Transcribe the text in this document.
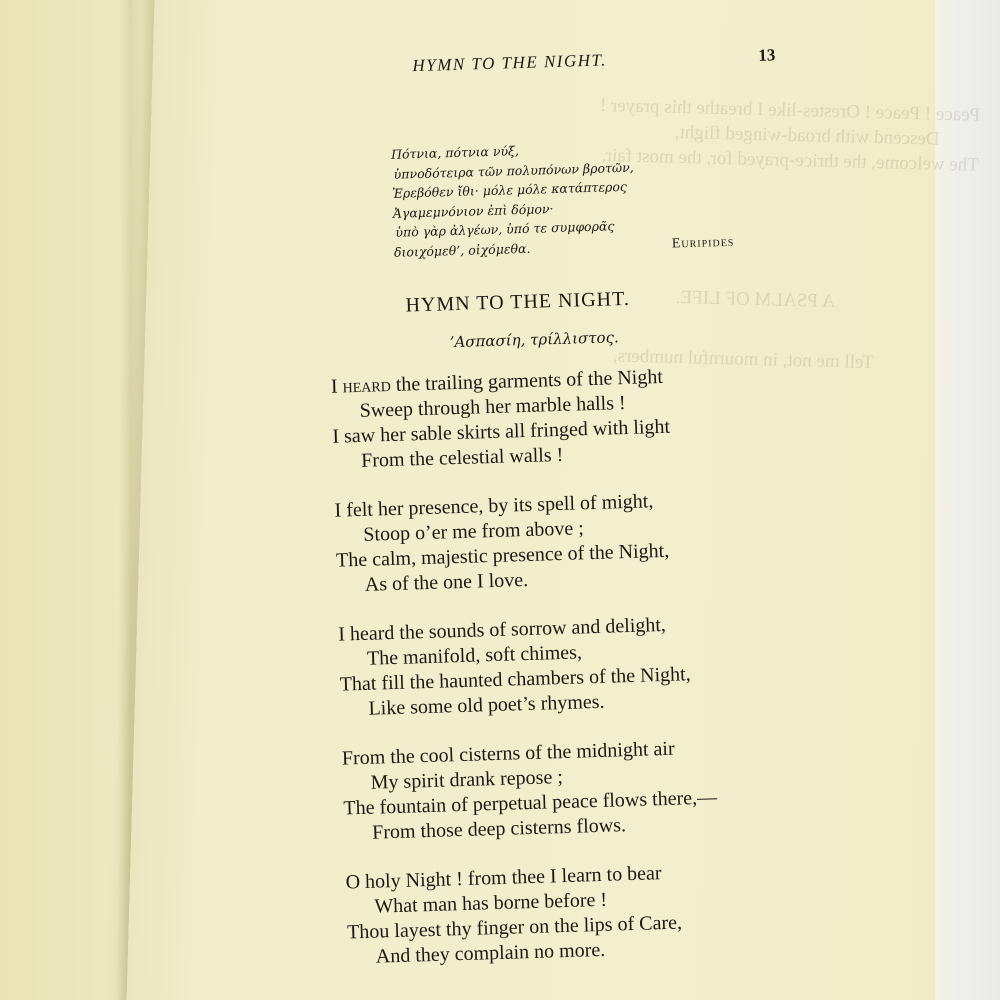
Peace ! Peace ! Orestes-like I breathe this prayer !
Descend with broad-winged flight,
The welcome, the thrice-prayed for, the most fair,
A PSALM OF LIFE.
Tell me not, in mournful numbers,
HYMN TO THE NIGHT.	13
Πότνια, πότνια νύξ,
ὑπνοδότειρα τῶν πολυπόνων βροτῶν,
Ἐρεβόθεν ἴθι· μόλε μόλε κατάπτερος
Ἀγαμεμνόνιον ἐπὶ δόμον·
ὑπὸ γὰρ ἀλγέων, ὑπό τε συμφορᾶς
διοιχόμεθ’, οἰχόμεθα.	Euripides
HYMN TO THE NIGHT.
’Ασπασίη, τρίλλιστος.
I heard the trailing garments of the Night
Sweep through her marble halls !
I saw her sable skirts all fringed with light
From the celestial walls !
I felt her presence, by its spell of might,
Stoop o’er me from above ;
The calm, majestic presence of the Night,
As of the one I love.
I heard the sounds of sorrow and delight,
The manifold, soft chimes,
That fill the haunted chambers of the Night,
Like some old poet’s rhymes.
From the cool cisterns of the midnight air
My spirit drank repose ;
The fountain of perpetual peace flows there,—
From those deep cisterns flows.
O holy Night ! from thee I learn to bear
What man has borne before !
Thou layest thy finger on the lips of Care,
And they complain no more.
